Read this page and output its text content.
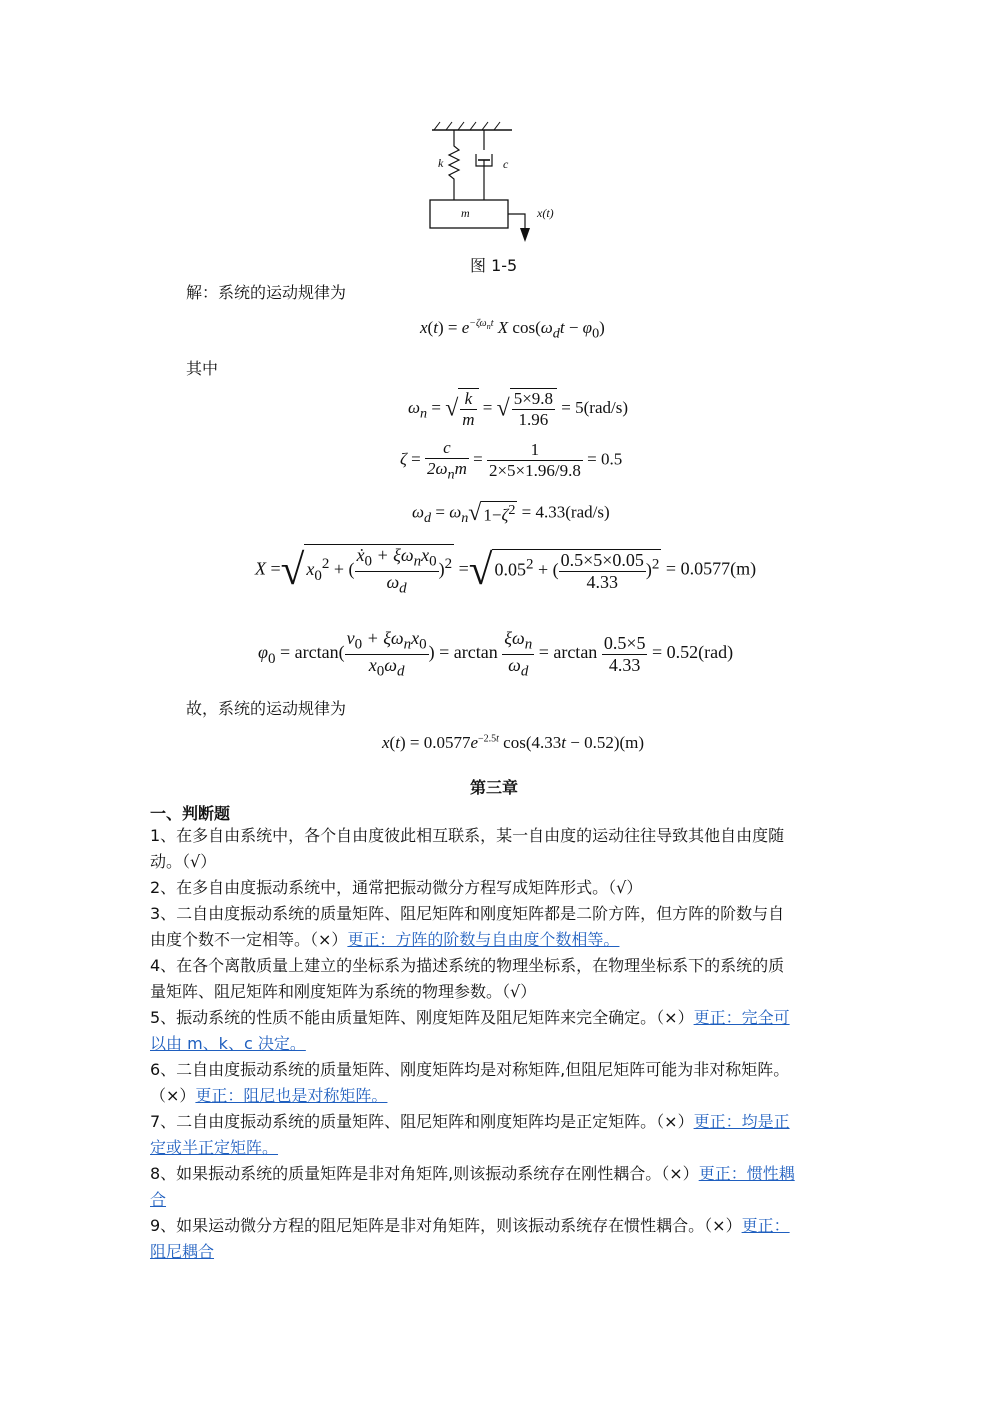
k	c
m	x(t)
图 1-5
解：系统的运动规律为
$x(t) = e^{-\zeta\omega_nt}$ X $\cos(\omega_dt - \varphi_0)$
其中
$\omega_n$ = √ $\frac{k}{m}$ = √ $\frac{5\times 9.8}{1.96} = 5(rad/s)$
$\zeta = \frac{c}{2\omega_nm} = \frac{1}{2\times 5\times 1.96/9.8} = 0.5$
$\omega_d = \omega_n√$ $1-\zeta^2 = 4.33(rad/s)$
X =√ $x_0^2$ + ( $\frac{ẋ_0 + \xi\omega_nx_0}{\omega_d} )^2$ =√ $0.05^2$ + ( $\frac{0.5\times 5\times 0.05}{4.33} )^2 = 0.0577(m)$
$\varphi_0 = \arctan( \frac{v_0 + \xi\omega_nx_0}{x_0\omega_d}$ ) = $\arctan \frac{\xi\omega_n}{\omega_d} = \arctan \frac{0.5\times 5}{4.33} = 0.52(rad)$
故，系统的运动规律为
$x(t) = 0.0577e^{-2.5t}$ cos(4.33t − 0.52)(m)
第三章
一、判断题
1、在多自由系统中，各个自由度彼此相互联系，某一自由度的运动往往导致其他自由度随
动。（√）
2、在多自由度振动系统中，通常把振动微分方程写成矩阵形式。（√）
3、二自由度振动系统的质量矩阵、阻尼矩阵和刚度矩阵都是二阶方阵，但方阵的阶数与自
由度个数不一定相等。（×）更正：方阵的阶数与自由度个数相等。
4、在各个离散质量上建立的坐标系为描述系统的物理坐标系，在物理坐标系下的系统的质
量矩阵、阻尼矩阵和刚度矩阵为系统的物理参数。（√）
5、振动系统的性质不能由质量矩阵、刚度矩阵及阻尼矩阵来完全确定。（×）更正：完全可
以由 m、k、c 决定。
6、二自由度振动系统的质量矩阵、刚度矩阵均是对称矩阵,但阻尼矩阵可能为非对称矩阵。
（×）更正：阻尼也是对称矩阵。
7、二自由度振动系统的质量矩阵、阻尼矩阵和刚度矩阵均是正定矩阵。（×）更正：均是正
定或半正定矩阵。
8、如果振动系统的质量矩阵是非对角矩阵,则该振动系统存在刚性耦合。（×）更正：惯性耦
合
9、如果运动微分方程的阻尼矩阵是非对角矩阵，则该振动系统存在惯性耦合。（×）更正：
阻尼耦合
